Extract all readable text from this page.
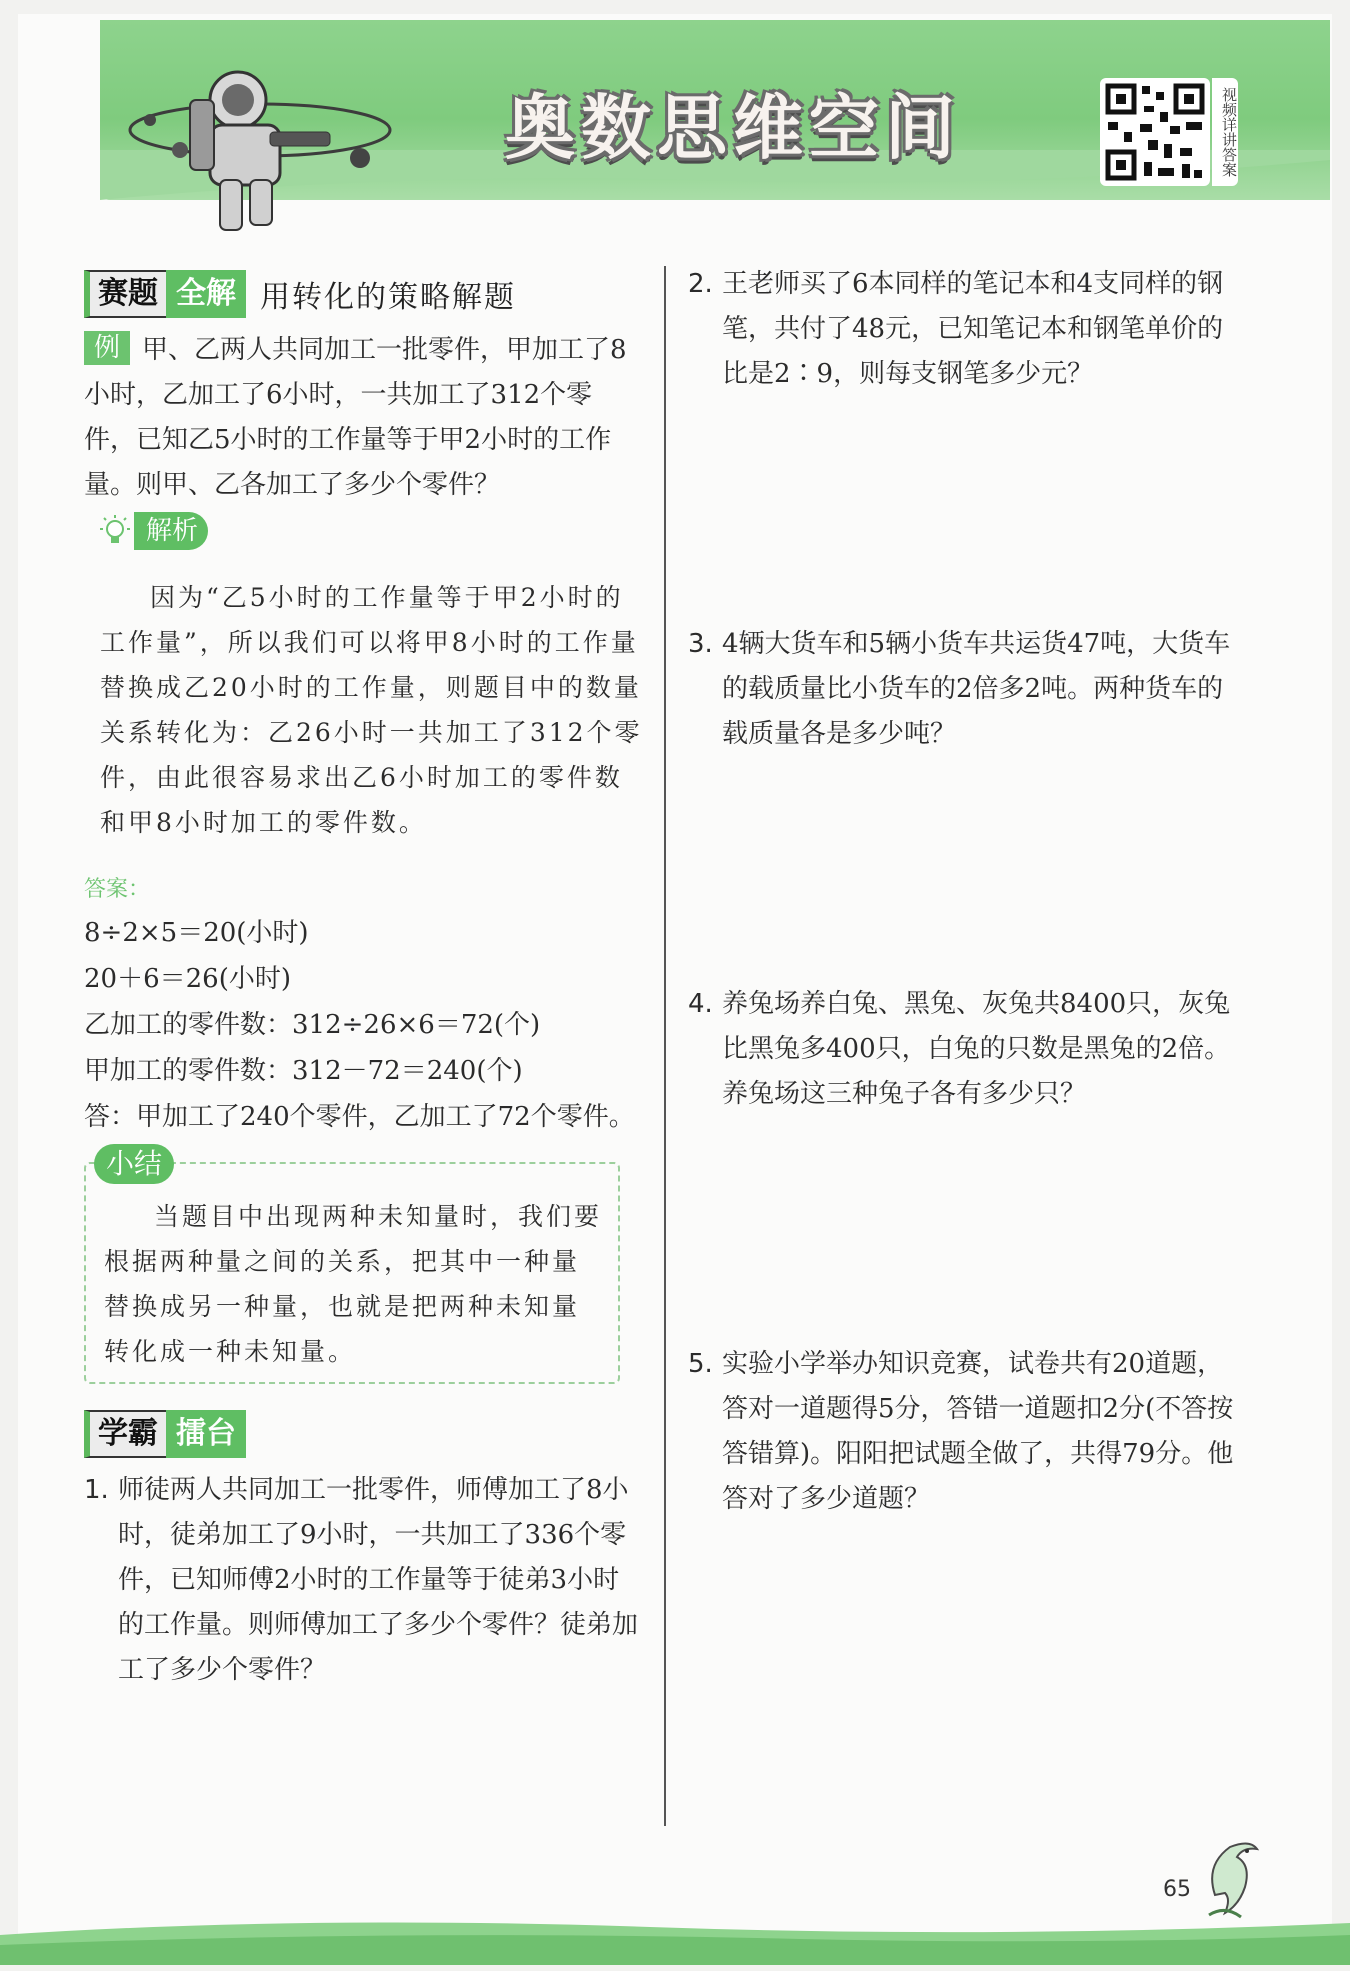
奥数思维空间	视频详讲答案
赛题 全解 用转化的策略解题

例 甲、乙两人共同加工一批零件，甲加工了8小时，乙加工了6小时，一共加工了312个零件，已知乙5小时的工作量等于甲2小时的工作量。则甲、乙各加工了多少个零件？

解析

因为“乙5小时的工作量等于甲2小时的工作量”，所以我们可以将甲8小时的工作量替换成乙20小时的工作量，则题目中的数量关系转化为：乙26小时一共加工了312个零件，由此很容易求出乙6小时加工的零件数和甲8小时加工的零件数。

答案：

8÷2×5＝20(小时)

20＋6＝26(小时)

乙加工的零件数：312÷26×6＝72(个)

甲加工的零件数：312－72＝240(个)

答：甲加工了240个零件，乙加工了72个零件。

小结

当题目中出现两种未知量时，我们要根据两种量之间的关系，把其中一种量替换成另一种量，也就是把两种未知量转化成一种未知量。

学霸 擂台
1. 师徒两人共同加工一批零件，师傅加工了8小时，徒弟加工了9小时，一共加工了336个零件，已知师傅2小时的工作量等于徒弟3小时的工作量。则师傅加工了多少个零件？徒弟加工了多少个零件？

2. 王老师买了6本同样的笔记本和4支同样的钢笔，共付了48元，已知笔记本和钢笔单价的比是2∶9，则每支钢笔多少元？

3. 4辆大货车和5辆小货车共运货47吨，大货车的载质量比小货车的2倍多2吨。两种货车的载质量各是多少吨？

4. 养兔场养白兔、黑兔、灰兔共8400只，灰兔比黑兔多400只，白兔的只数是黑兔的2倍。养兔场这三种兔子各有多少只？

5. 实验小学举办知识竞赛，试卷共有20道题，答对一道题得5分，答错一道题扣2分(不答按答错算)。阳阳把试题全做了，共得79分。他答对了多少道题？

65
